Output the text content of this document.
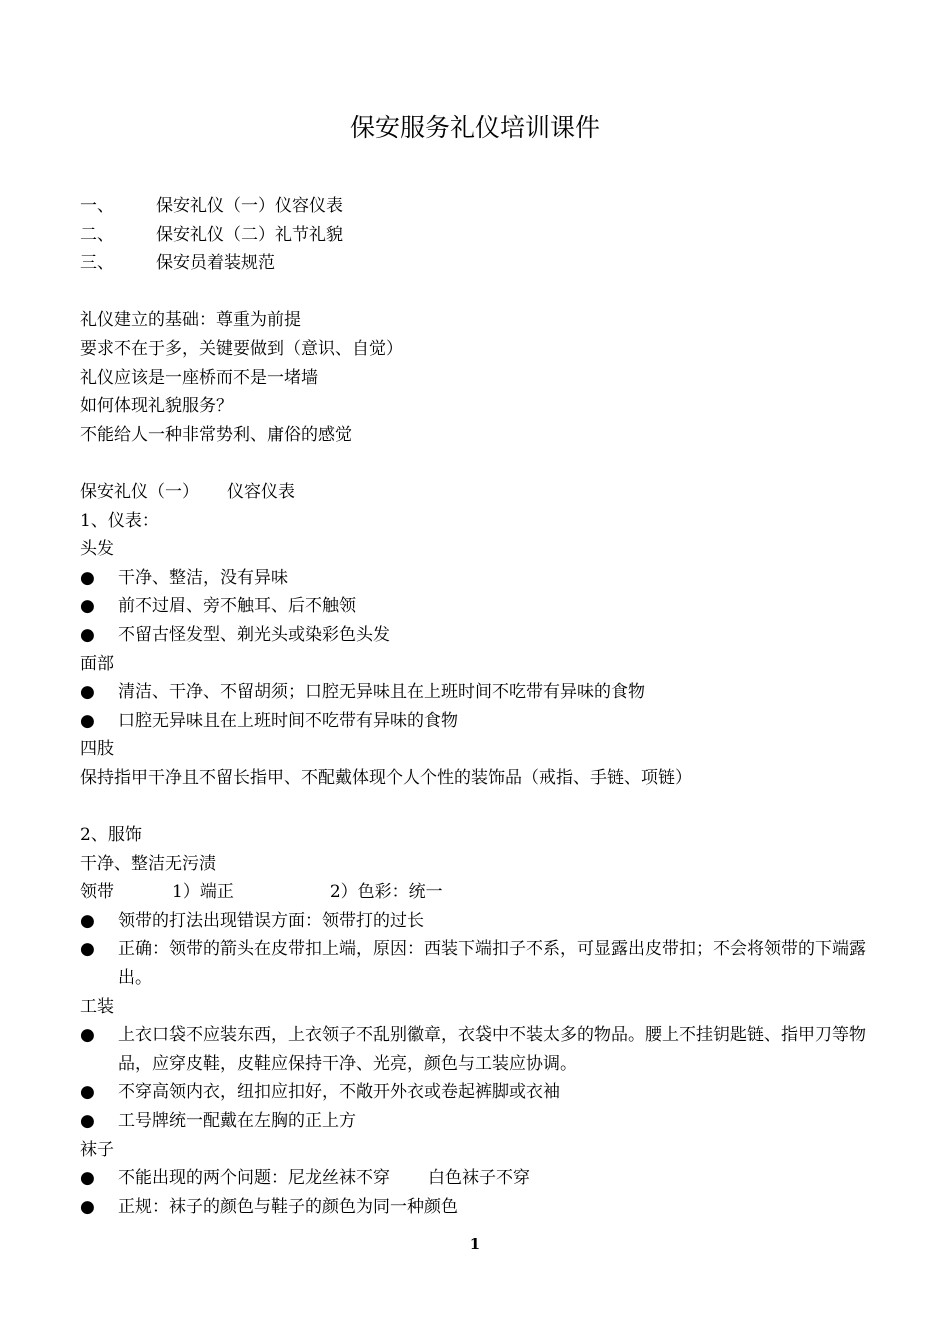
保安服务礼仪培训课件
一、 保安礼仪（一）仪容仪表
二、 保安礼仪（二）礼节礼貌
三、 保安员着装规范
礼仪建立的基础：尊重为前提
要求不在于多，关键要做到（意识、自觉）
礼仪应该是一座桥而不是一堵墙
如何体现礼貌服务？
不能给人一种非常势利、庸俗的感觉
保安礼仪（一） 仪容仪表
1、仪表：
头发
● 干净、整洁，没有异味
● 前不过眉、旁不触耳、后不触领
● 不留古怪发型、剃光头或染彩色头发
面部
● 清洁、干净、不留胡须；口腔无异味且在上班时间不吃带有异味的食物
● 口腔无异味且在上班时间不吃带有异味的食物
四肢
保持指甲干净且不留长指甲、不配戴体现个人个性的装饰品（戒指、手链、项链）
2、服饰
干净、整洁无污渍
领带	1）端正	2）色彩：统一
● 领带的打法出现错误方面：领带打的过长
● 正确：领带的箭头在皮带扣上端，原因：西装下端扣子不系，可显露出皮带扣；不会将领带的下端露出。
工装
● 上衣口袋不应装东西，上衣领子不乱别徽章，衣袋中不装太多的物品。腰上不挂钥匙链、指甲刀等物品，应穿皮鞋，皮鞋应保持干净、光亮，颜色与工装应协调。
● 不穿高领内衣，纽扣应扣好，不敞开外衣或卷起裤脚或衣袖
● 工号牌统一配戴在左胸的正上方
袜子
● 不能出现的两个问题：尼龙丝袜不穿 白色袜子不穿
● 正规：袜子的颜色与鞋子的颜色为同一种颜色
1
